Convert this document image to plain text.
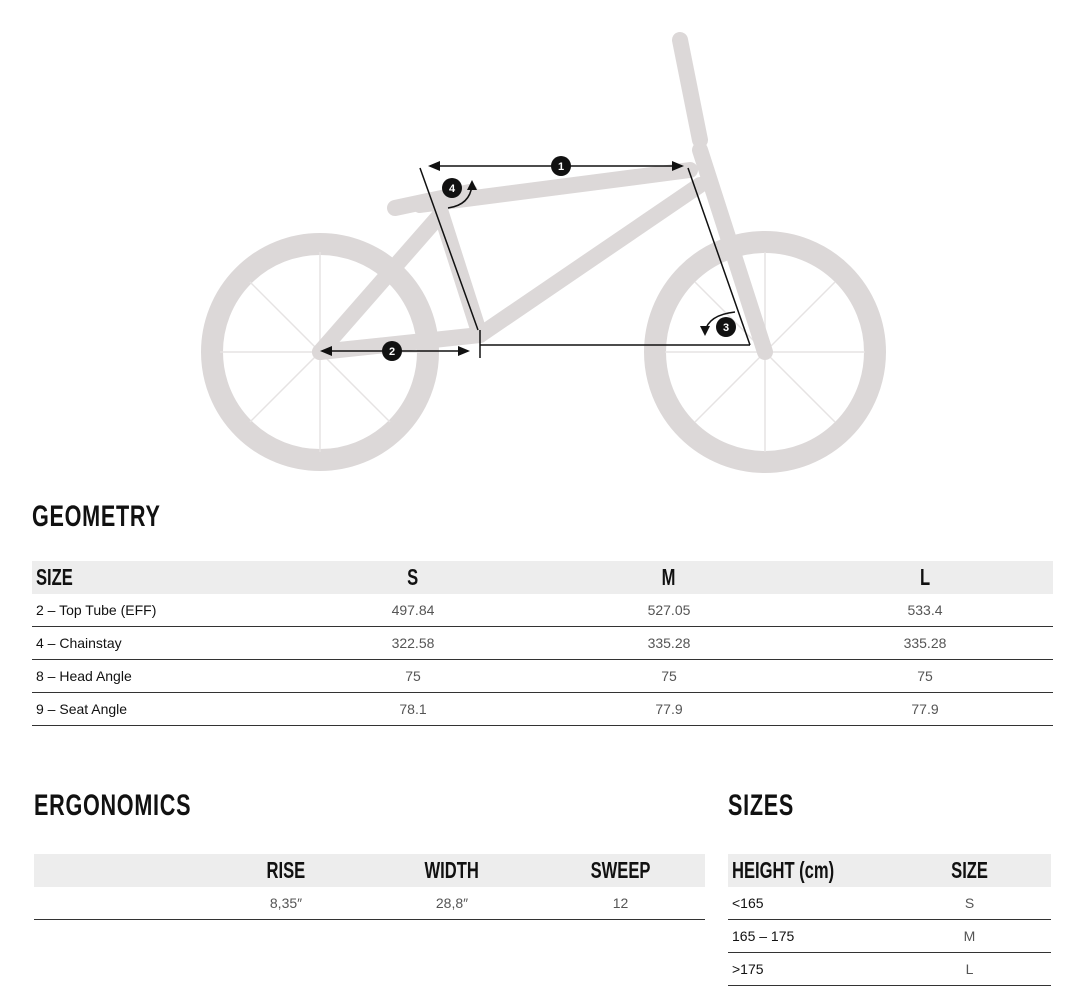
1
2
3
4
GEOMETRY
SIZE	S	M	L
2 – Top Tube (EFF)	497.84	527.05	533.4
4 – Chainstay	322.58	335.28	335.28
8 – Head Angle	75	75	75
9 – Seat Angle	78.1	77.9	77.9
ERGONOMICS
	RISE	WIDTH	SWEEP
	8,35″	28,8″	12
SIZES
HEIGHT (cm)	SIZE
<165	S
165 – 175	M
>175	L
